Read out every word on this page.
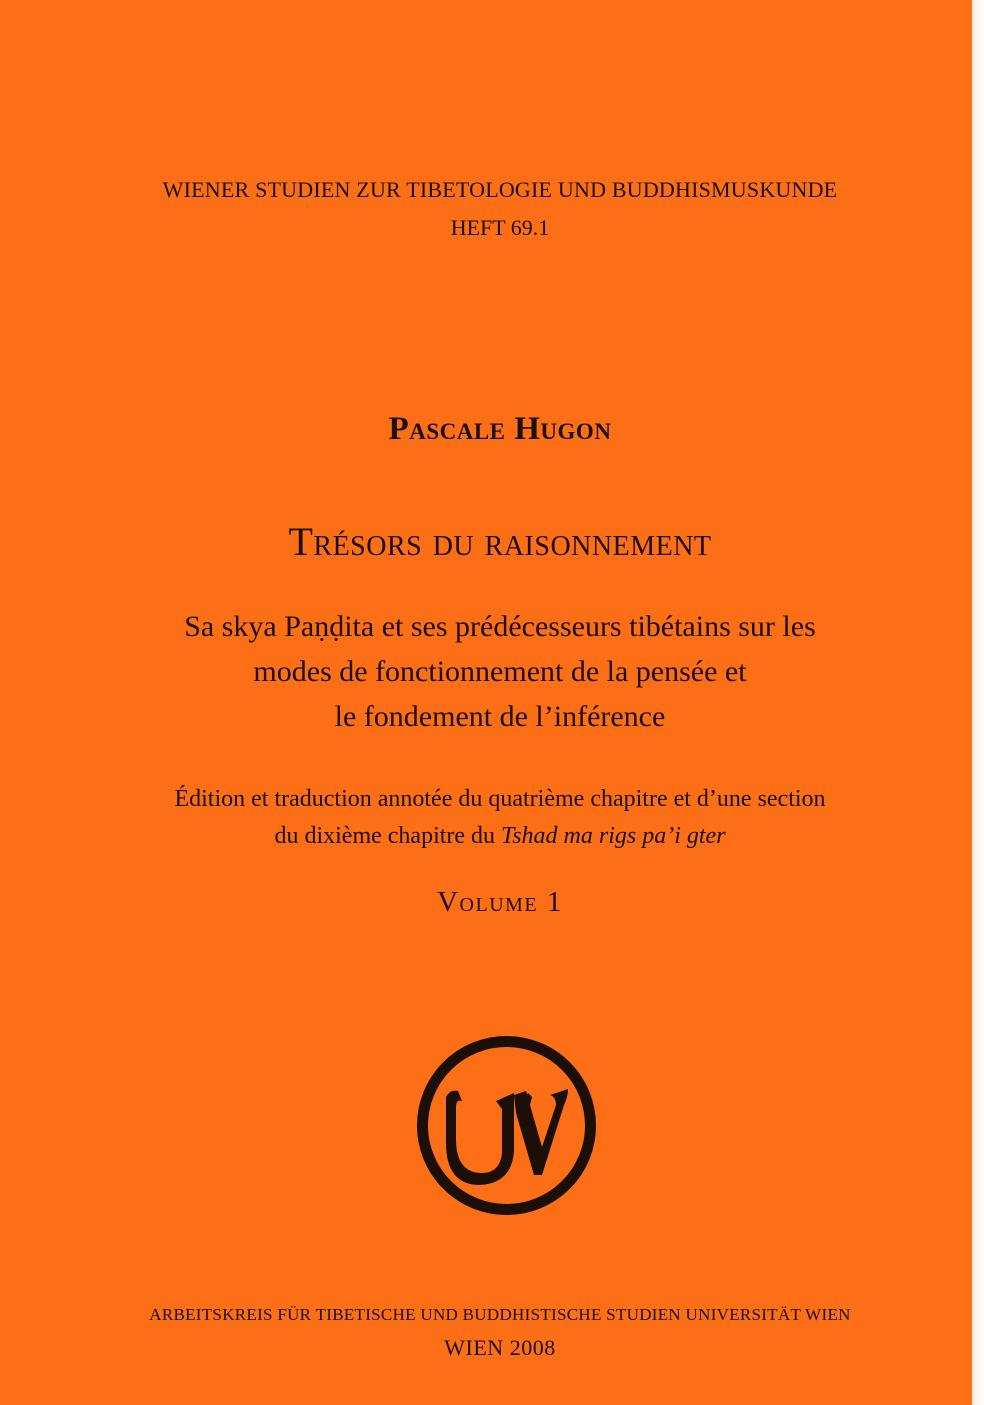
WIENER STUDIEN ZUR TIBETOLOGIE UND BUDDHISMUSKUNDE
HEFT 69.1
Pascale Hugon
Trésors du raisonnement
Sa skya Paṇḍita et ses prédécesseurs tibétains sur les
modes de fonctionnement de la pensée et
le fondement de l’inférence
Édition et traduction annotée du quatrième chapitre et d’une section
du dixième chapitre du Tshad ma rigs pa’i gter
Volume 1
ARBEITSKREIS FÜR TIBETISCHE UND BUDDHISTISCHE STUDIEN UNIVERSITÄT WIEN
WIEN 2008
